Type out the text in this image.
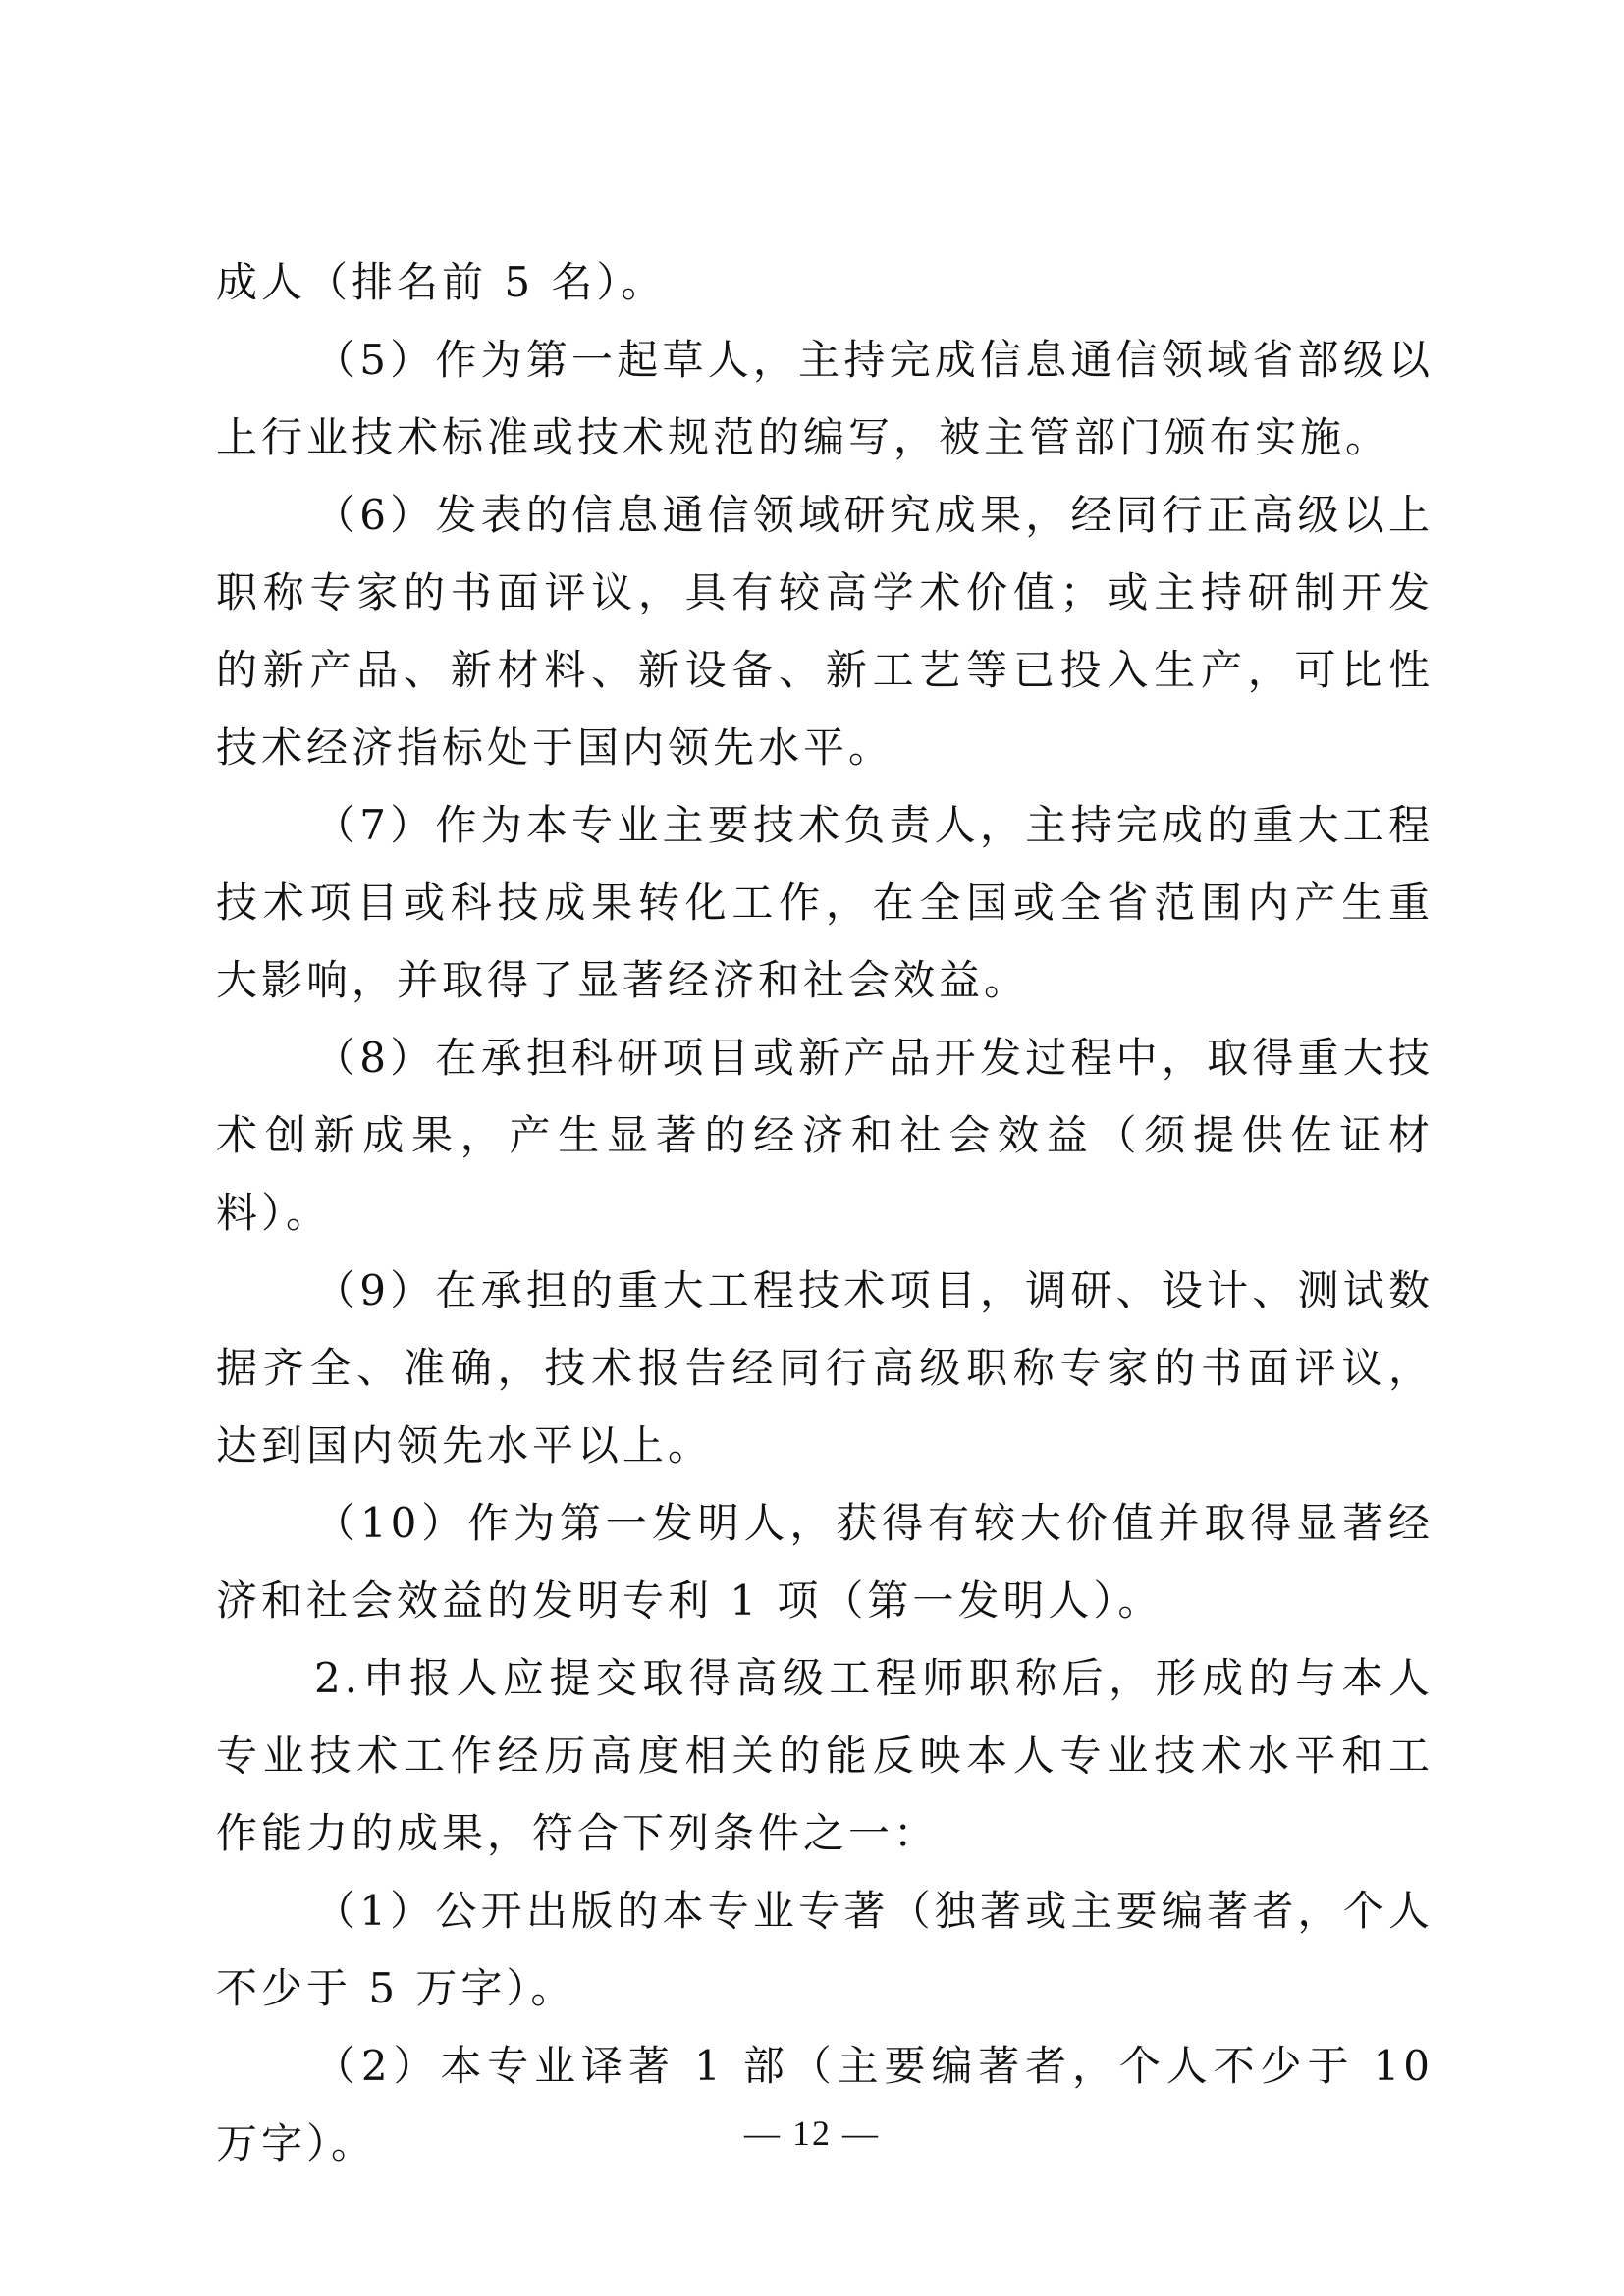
成人（排名前 5 名）。

（5）作为第一起草人，主持完成信息通信领域省部级以上行业技术标准或技术规范的编写，被主管部门颁布实施。

（6）发表的信息通信领域研究成果，经同行正高级以上职称专家的书面评议，具有较高学术价值；或主持研制开发的新产品、新材料、新设备、新工艺等已投入生产，可比性技术经济指标处于国内领先水平。

（7）作为本专业主要技术负责人，主持完成的重大工程技术项目或科技成果转化工作，在全国或全省范围内产生重大影响，并取得了显著经济和社会效益。

（8）在承担科研项目或新产品开发过程中，取得重大技术创新成果，产生显著的经济和社会效益（须提供佐证材料）。

（9）在承担的重大工程技术项目，调研、设计、测试数据齐全、准确，技术报告经同行高级职称专家的书面评议，达到国内领先水平以上。

（10）作为第一发明人，获得有较大价值并取得显著经济和社会效益的发明专利 1 项（第一发明人）。

2.申报人应提交取得高级工程师职称后，形成的与本人专业技术工作经历高度相关的能反映本人专业技术水平和工作能力的成果，符合下列条件之一：

（1）公开出版的本专业专著（独著或主要编著者，个人不少于 5 万字）。

（2）本专业译著 1 部（主要编著者，个人不少于 10 万字）。	— 12 —
